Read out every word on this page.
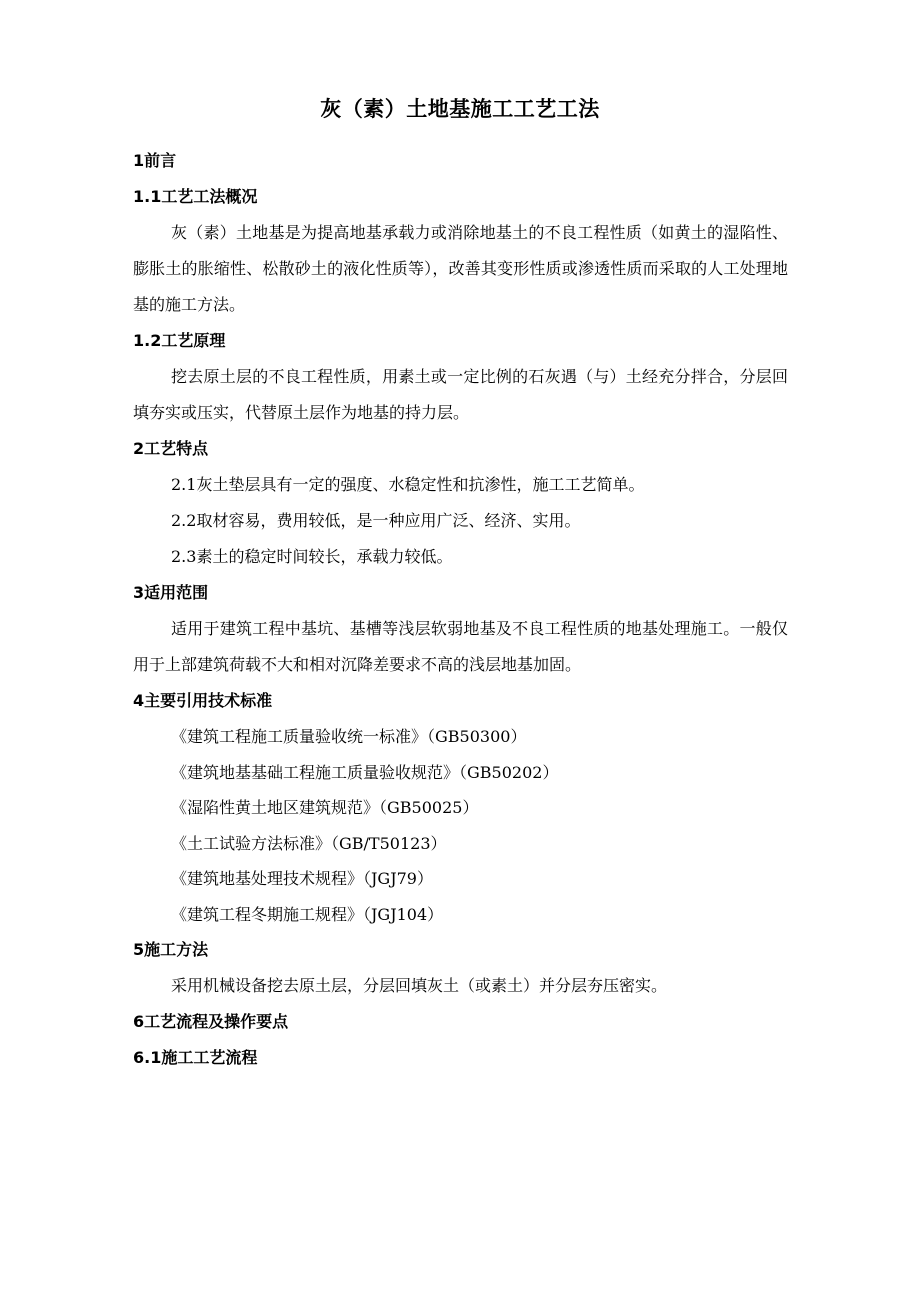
灰（素）土地基施工工艺工法
1前言
1.1工艺工法概况
灰（素）土地基是为提高地基承载力或消除地基土的不良工程性质（如黄土的湿陷性、膨胀土的胀缩性、松散砂土的液化性质等），改善其变形性质或渗透性质而采取的人工处理地基的施工方法。
1.2工艺原理
挖去原土层的不良工程性质，用素土或一定比例的石灰遇（与）土经充分拌合，分层回填夯实或压实，代替原土层作为地基的持力层。
2工艺特点
2.1灰土垫层具有一定的强度、水稳定性和抗渗性，施工工艺简单。
2.2取材容易，费用较低，是一种应用广泛、经济、实用。
2.3素土的稳定时间较长，承载力较低。
3适用范围
适用于建筑工程中基坑、基槽等浅层软弱地基及不良工程性质的地基处理施工。一般仅用于上部建筑荷载不大和相对沉降差要求不高的浅层地基加固。
4主要引用技术标准
《建筑工程施工质量验收统一标准》（GB50300）
《建筑地基基础工程施工质量验收规范》（GB50202）
《湿陷性黄土地区建筑规范》（GB50025）
《土工试验方法标准》（GB/T50123）
《建筑地基处理技术规程》（JGJ79）
《建筑工程冬期施工规程》（JGJ104）
5施工方法
采用机械设备挖去原土层，分层回填灰土（或素土）并分层夯压密实。
6工艺流程及操作要点
6.1施工工艺流程
